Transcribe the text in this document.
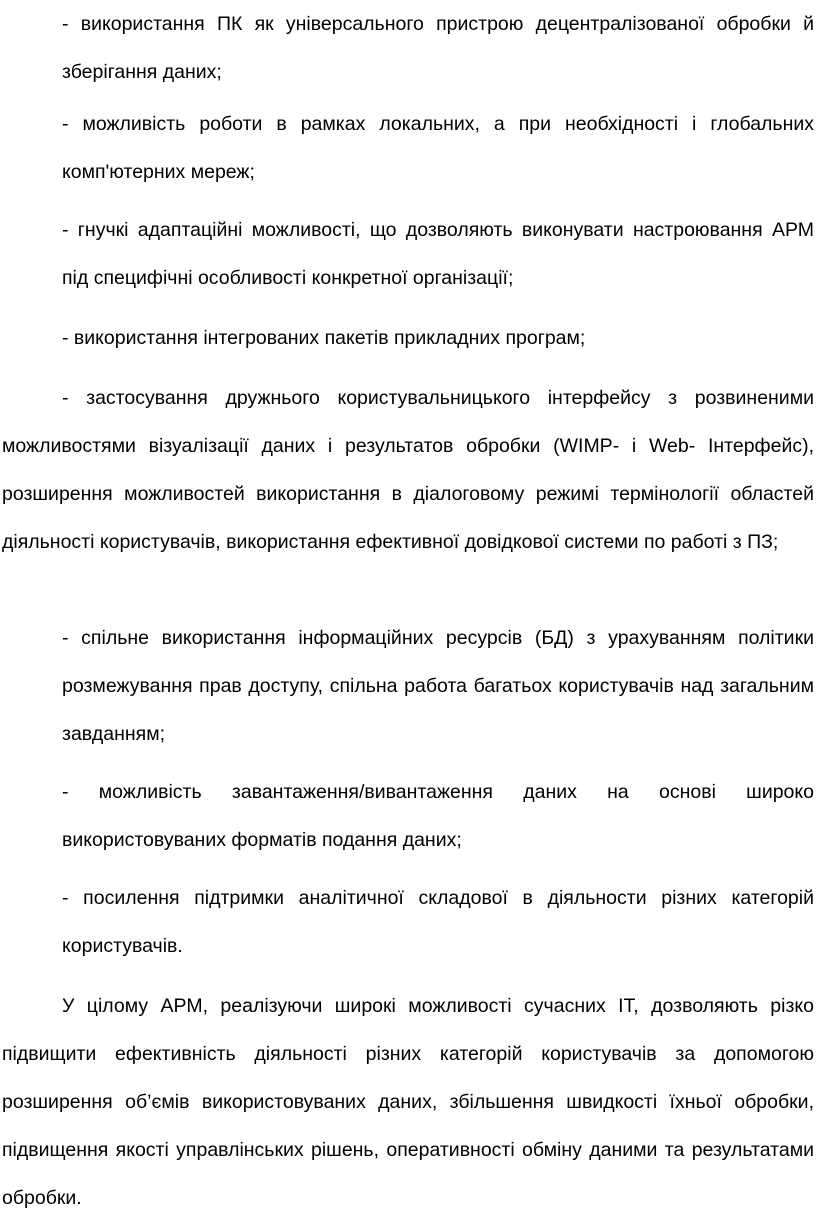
- використання ПК як універсального пристрою децентралізованої обробки й зберігання даних;

- можливість роботи в рамках локальних, а при необхідності і глобальних комп'ютерних мереж;

- гнучкі адаптаційні можливості, що дозволяють виконувати настроювання АРМ під специфічні особливості конкретної організації;

- використання інтегрованих пакетів прикладних програм;

- застосування дружнього користувальницького інтерфейсу з розвиненими можливостями візуалізації даних і результатов обробки (WIMP- і Web- Інтерфейс), розширення можливостей використання в діалоговому режимі термінології областей діяльності користувачів, використання ефективної довідкової системи по работі з ПЗ;

- спільне використання інформаційних ресурсів (БД) з урахуванням політики розмежування прав доступу, спільна работа багатьох користувачів над загальним завданням;

- можливість завантаження/вивантаження даних на основі широко використовуваних форматів подання даних;

- посилення підтримки аналітичної складової в діяльности різних категорій користувачів.

У цілому АРМ, реалізуючи широкі можливості сучасних ІТ, дозволяють різко підвищити ефективність діяльності різних категорій користувачів за допомогою розширення об’ємів використовуваних даних, збільшення швидкості їхньої обробки, підвищення якості управлінських рішень, оперативності обміну даними та результатами обробки.
